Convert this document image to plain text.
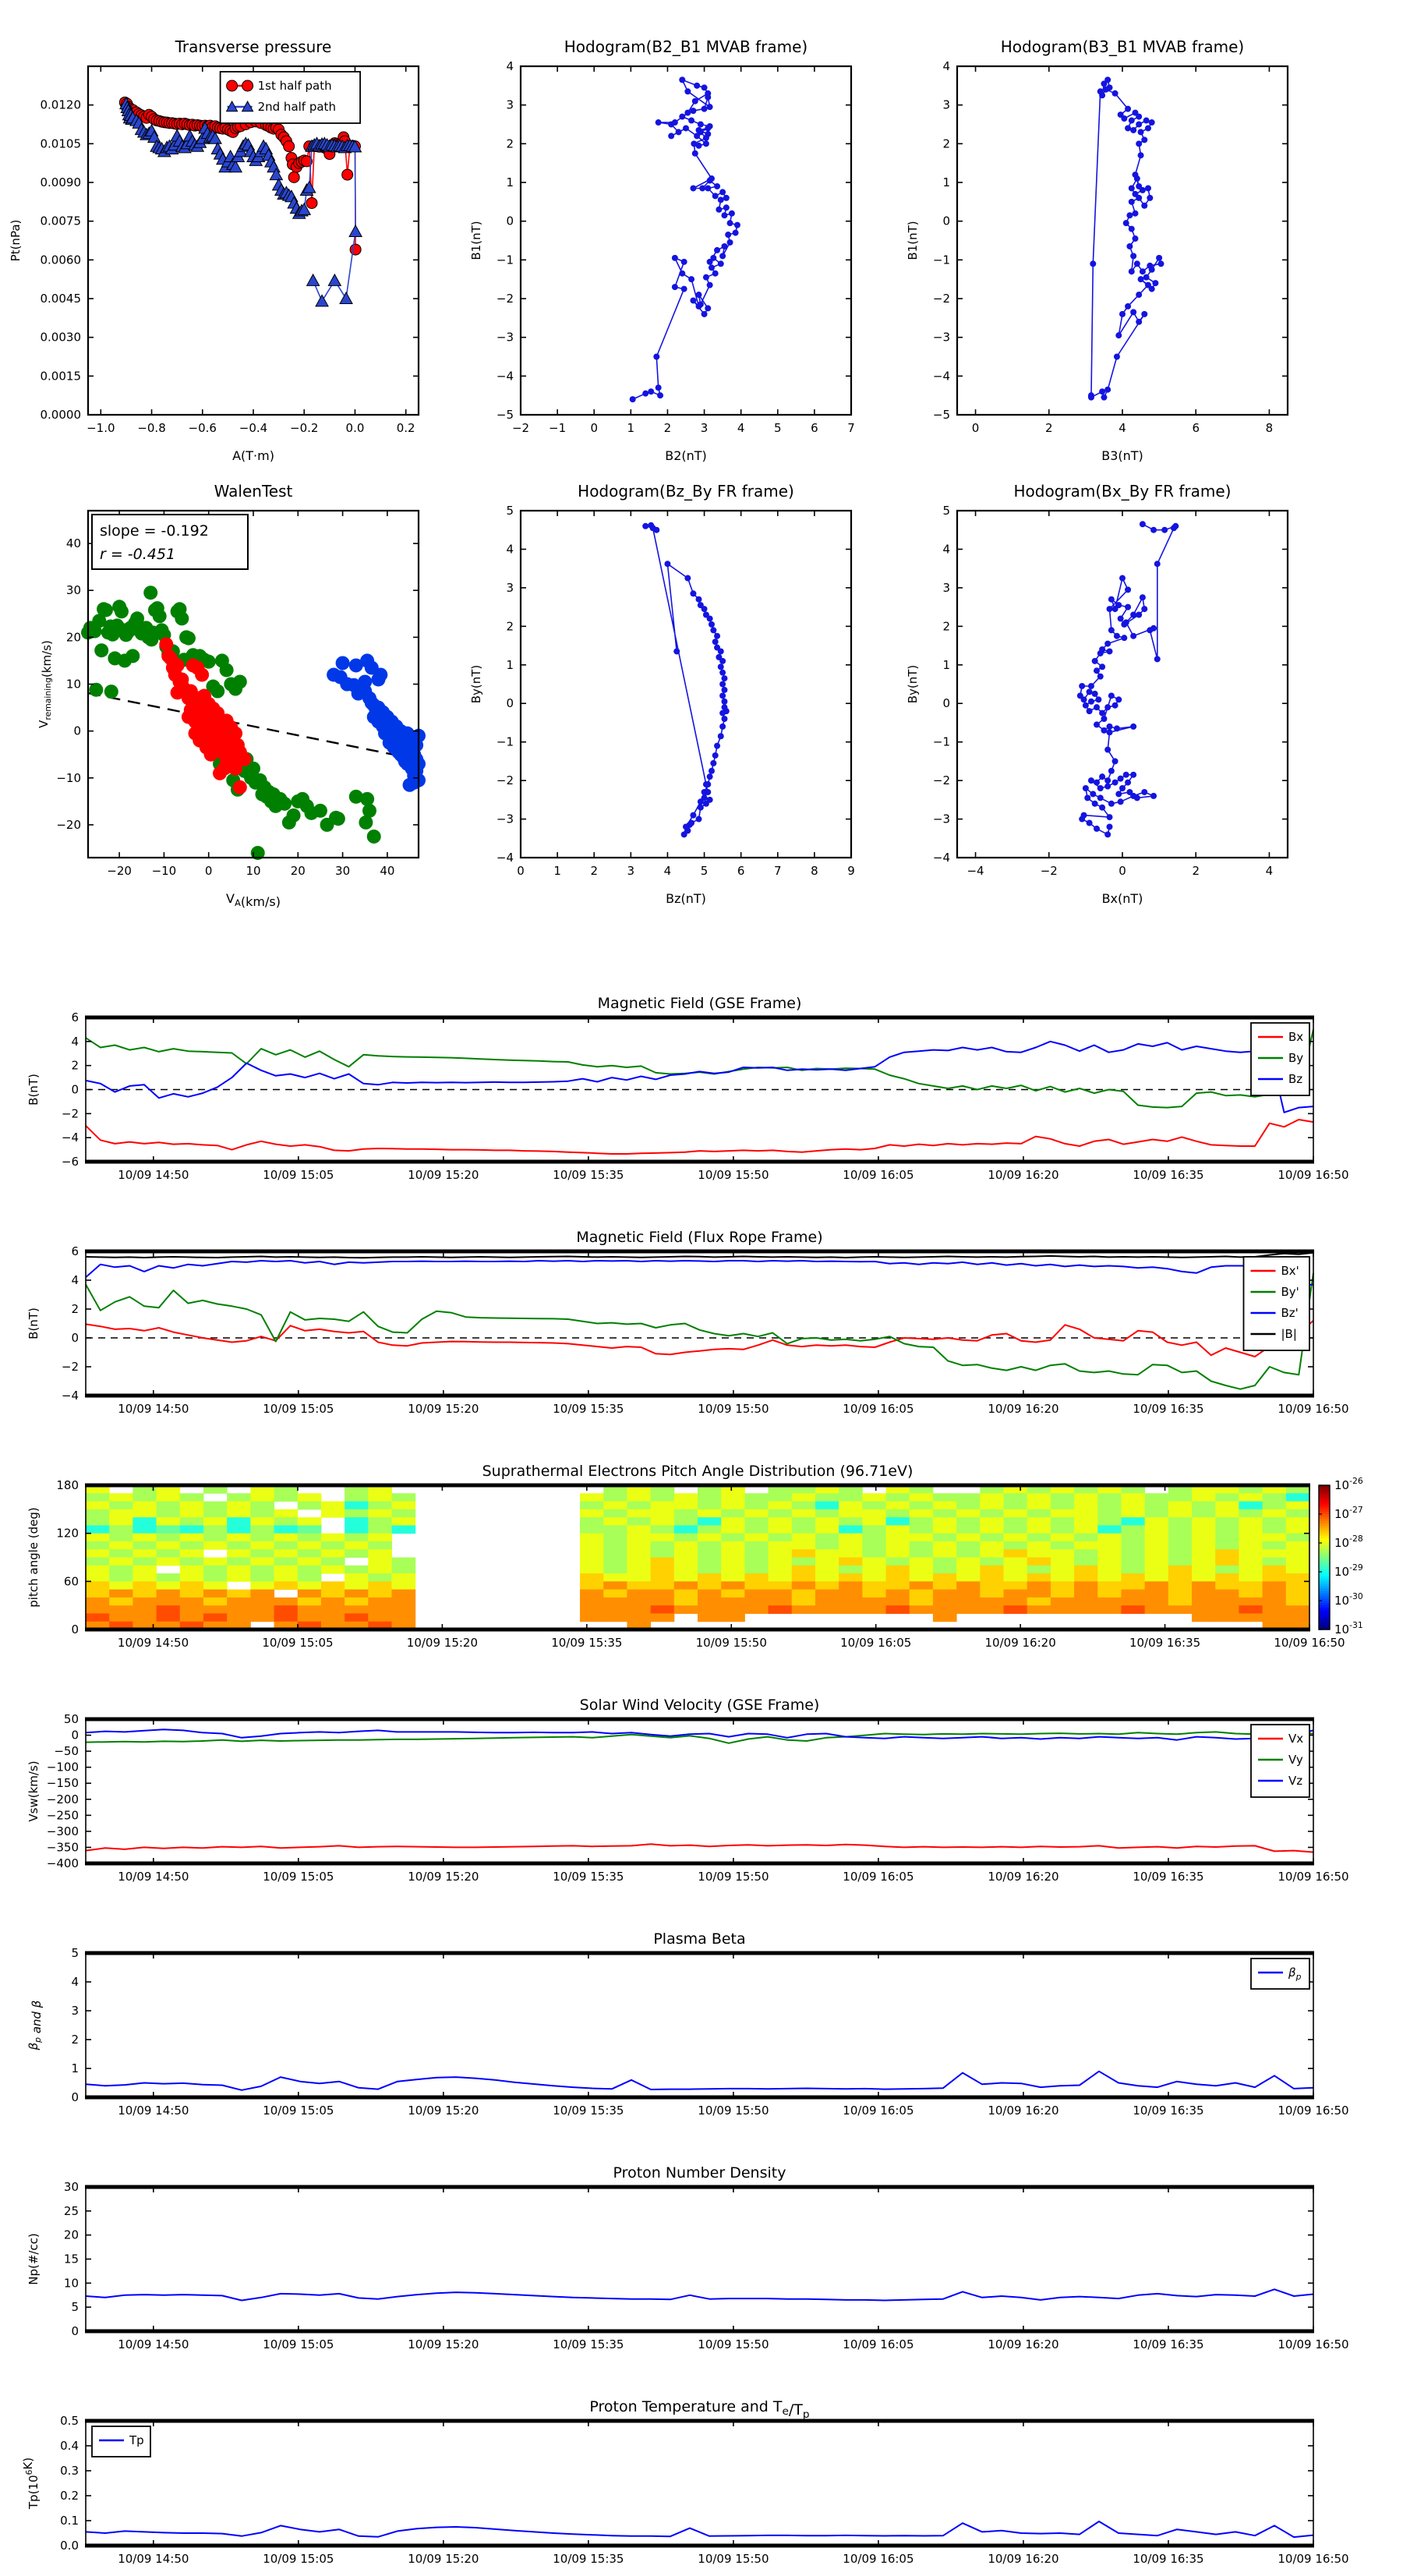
Transverse pressure
−1.0 −0.8 −0.6 −0.4 −0.2 0.0	0.2
0.0000
0.0015
0.0030
0.0045
0.0060
0.0075
0.0090
0.0105
0.0120
A(T·m)
Pt(nPa)
1st half path
2nd half path
Hodogram(B2_B1 MVAB frame)
−2 −1 0	1	2	3	4	5	6	7
−5
−4
−3
−2
−1
0
1
2
3
4
B2(nT)
B1(nT)
Hodogram(B3_B1 MVAB frame)
0	2	4	6	8
−5
−4
−3
−2
−1
0
1
2
3
4
B3(nT)
B1(nT)
WalenTest
−20 −10 0	10	20	30	40
−20
−10
0
10
20
30
40
$V_A(km/s)$
$V_{remaining}(km/s)$
slope = -0.192
r = -0.451
Hodogram(Bz_By FR frame)
0	1	2	3	4	5	6	7	8	9
−4
−3
−2
−1
0
1
2
3
4
5
Bz(nT)
By(nT)
Hodogram(Bx_By FR frame)
−4	−2	0	2	4
−4
−3
−2
−1
0
1
2
3
4
5
Bx(nT)
By(nT)
Magnetic Field (GSE Frame)
10/09 14:50	10/09 15:05	10/09 15:20	10/09 15:35	10/09 15:50	10/09 16:05	10/09 16:20	10/09 16:35	10/09 16:50
−6
−4
−2
0
2
4
6
B(nT)
Bx
By
Bz
Magnetic Field (Flux Rope Frame)
10/09 14:50	10/09 15:05	10/09 15:20	10/09 15:35	10/09 15:50	10/09 16:05	10/09 16:20	10/09 16:35	10/09 16:50
−4
−2
0
2
4
6
B(nT)
Bx'
By'
Bz'
|B|
Suprathermal Electrons Pitch Angle Distribution (96.71eV)
$10^{-26}$
$10^{-27}$
$10^{-28}$
$10^{-29}$
$10^{-30}$
$10^{-31}$
10/09 14:50	10/09 15:05	10/09 15:20	10/09 15:35	10/09 15:50	10/09 16:05	10/09 16:20	10/09 16:35	10/09 16:50
0
60
120
180
pitch angle (deg)
Solar Wind Velocity (GSE Frame)
10/09 14:50	10/09 15:05	10/09 15:20	10/09 15:35	10/09 15:50	10/09 16:05	10/09 16:20	10/09 16:35	10/09 16:50
50
0
−50
−100
−150
−200
−250
−300
−350
−400
Vsw(km/s)
Vx
Vy
Vz
Plasma Beta
10/09 14:50	10/09 15:05	10/09 15:20	10/09 15:35	10/09 15:50	10/09 16:05	10/09 16:20	10/09 16:35	10/09 16:50
0
1
2
3
4
5
$\beta_p$ and β
$\beta_p$
Proton Number Density
10/09 14:50	10/09 15:05	10/09 15:20	10/09 15:35	10/09 15:50	10/09 16:05	10/09 16:20	10/09 16:35	10/09 16:50
0
5
10
15
20
25
30
Np(#/cc)
Proton Temperature and $T_e/T_p$
10/09 14:50	10/09 15:05	10/09 15:20	10/09 15:35	10/09 15:50	10/09 16:05	10/09 16:20	10/09 16:35	10/09 16:50
0.0
0.1
0.2
0.3
0.4
0.5
$Tp(10^6K)$
Tp
